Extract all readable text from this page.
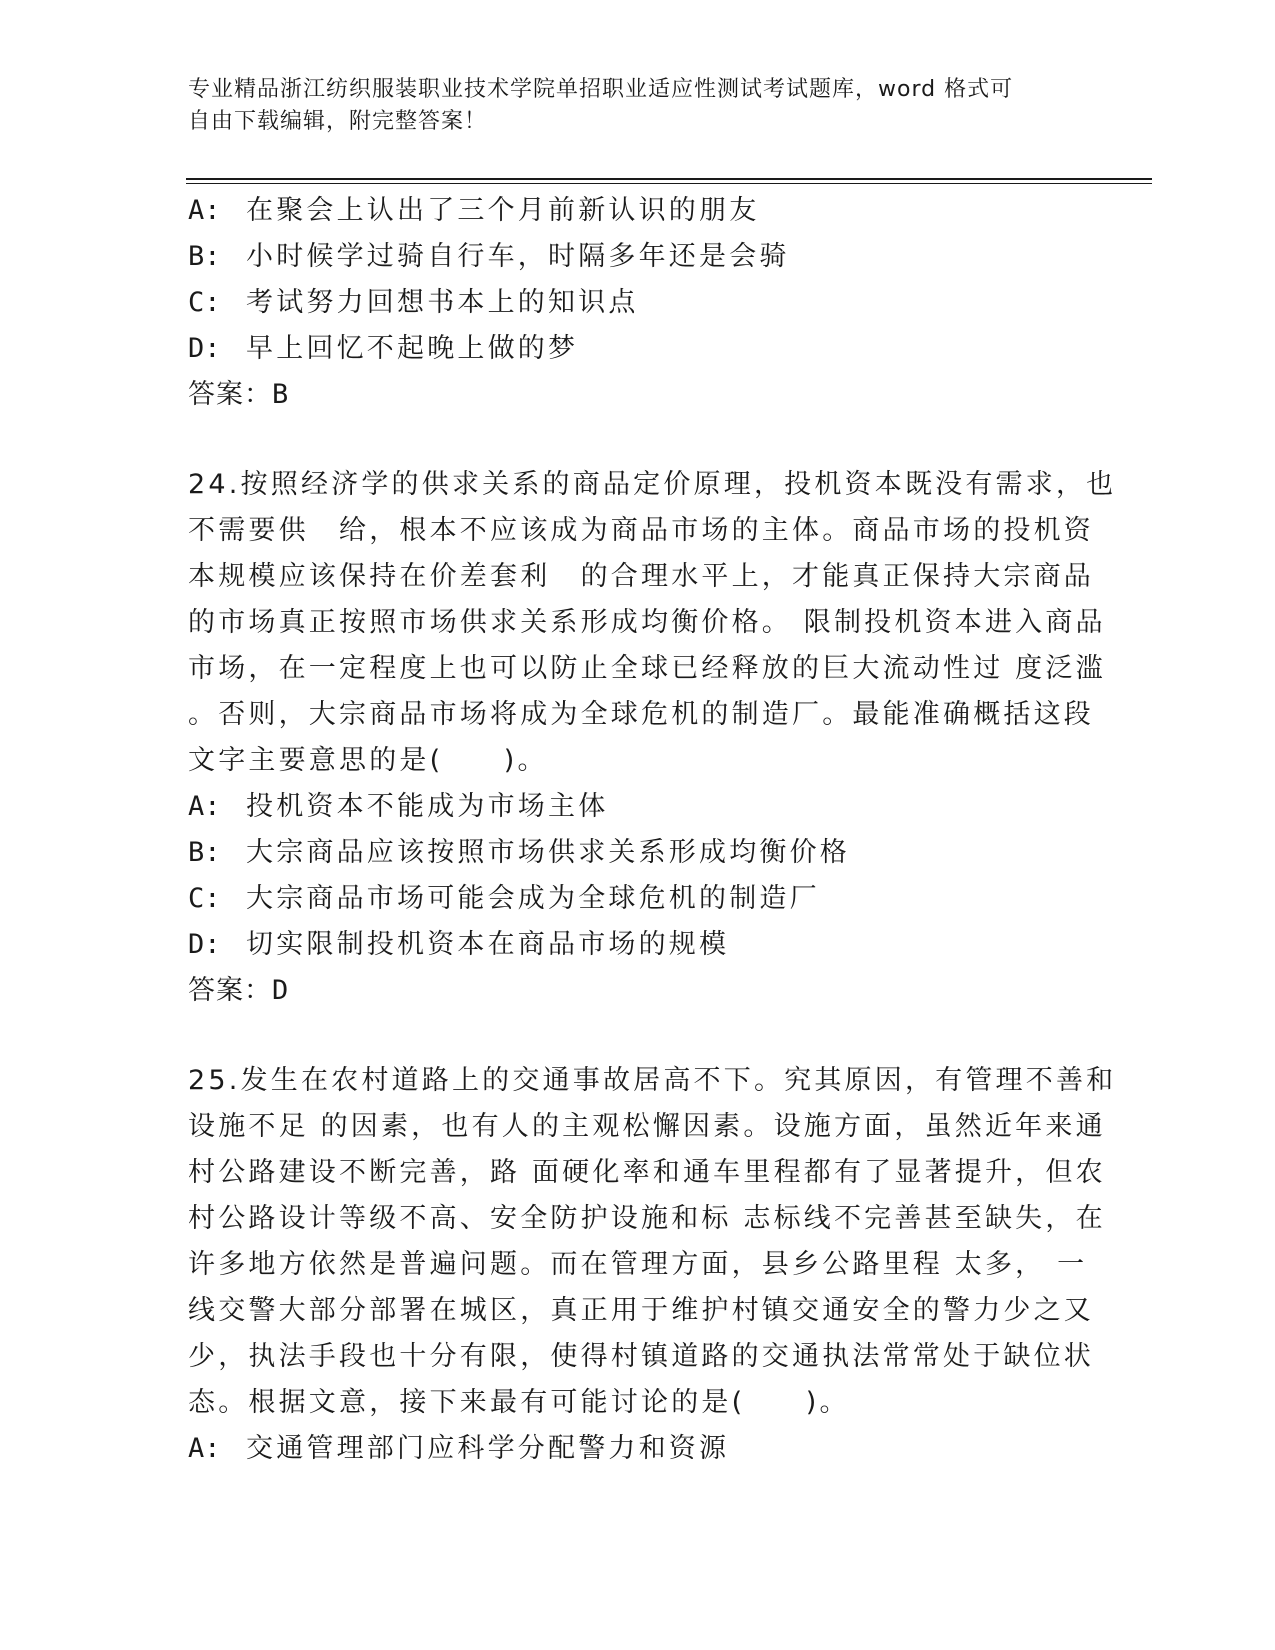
专业精品浙江纺织服装职业技术学院单招职业适应性测试考试题库，word 格式可
自由下载编辑，附完整答案！
A: 在聚会上认出了三个月前新认识的朋友
B: 小时候学过骑自行车，时隔多年还是会骑
C: 考试努力回想书本上的知识点
D: 早上回忆不起晚上做的梦
答案：B
24.按照经济学的供求关系的商品定价原理，投机资本既没有需求，也
不需要供　给，根本不应该成为商品市场的主体。商品市场的投机资
本规模应该保持在价差套利　的合理水平上，才能真正保持大宗商品
的市场真正按照市场供求关系形成均衡价格。 限制投机资本进入商品
市场，在一定程度上也可以防止全球已经释放的巨大流动性过 度泛滥
。否则，大宗商品市场将成为全球危机的制造厂。最能准确概括这段
文字主要意思的是(　　)。
A: 投机资本不能成为市场主体
B: 大宗商品应该按照市场供求关系形成均衡价格
C: 大宗商品市场可能会成为全球危机的制造厂
D: 切实限制投机资本在商品市场的规模
答案：D
25.发生在农村道路上的交通事故居高不下。究其原因，有管理不善和
设施不足 的因素，也有人的主观松懈因素。设施方面，虽然近年来通
村公路建设不断完善，路 面硬化率和通车里程都有了显著提升，但农
村公路设计等级不高、安全防护设施和标 志标线不完善甚至缺失，在
许多地方依然是普遍问题。而在管理方面，县乡公路里程 太多， 一
线交警大部分部署在城区，真正用于维护村镇交通安全的警力少之又
少，执法手段也十分有限，使得村镇道路的交通执法常常处于缺位状
态。根据文意，接下来最有可能讨论的是(　　)。
A: 交通管理部门应科学分配警力和资源
